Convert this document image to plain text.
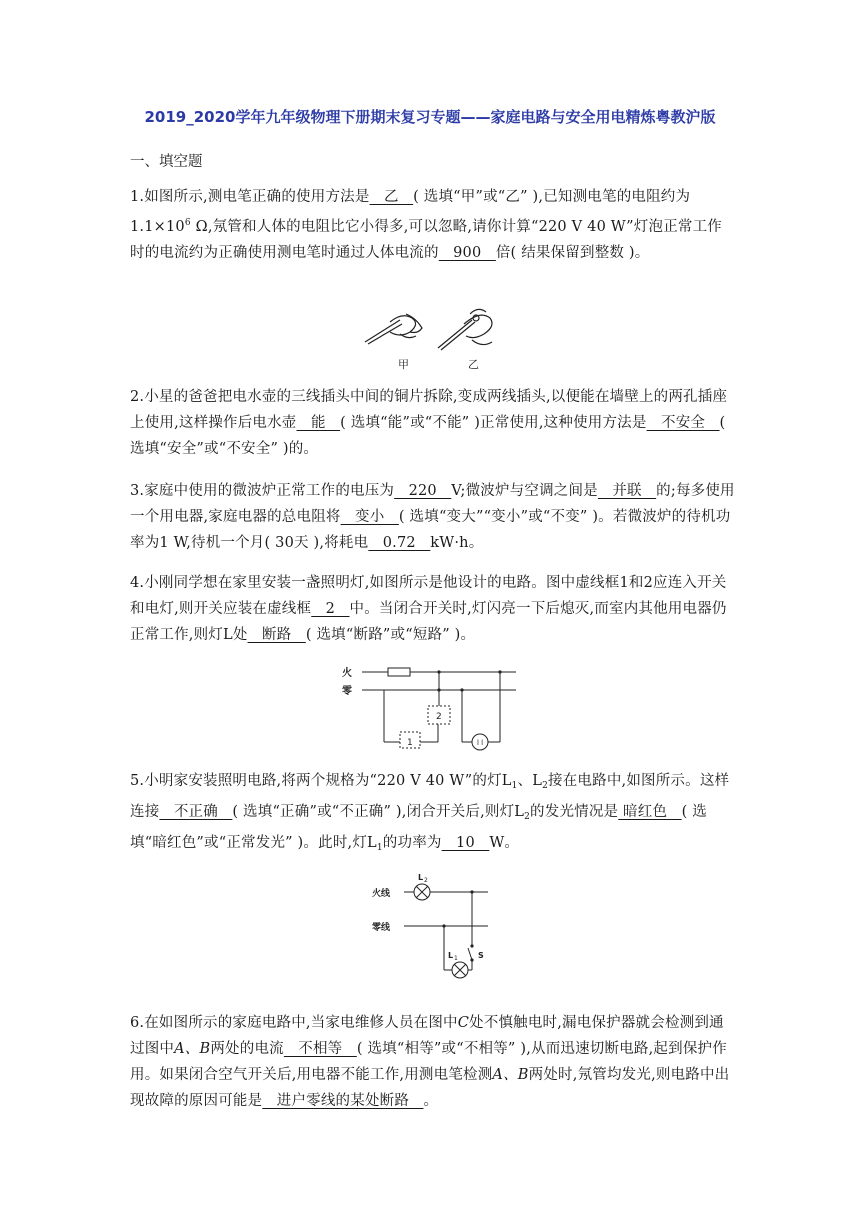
2019_2020学年九年级物理下册期末复习专题——家庭电路与安全用电精炼粤教沪版
一、填空题
1.如图所示,测电笔正确的使用方法是   乙   ( 选填“甲”或“乙” ),已知测电笔的电阻约为$1.1\times 10^6$ Ω,氖管和人体的电阻比它小得多,可以忽略,请你计算“220 V 40 W”灯泡正常工作时的电流约为正确使用测电笔时通过人体电流的   900   倍( 结果保留到整数 )。
甲	乙
2.小星的爸爸把电水壶的三线插头中间的铜片拆除,变成两线插头,以便能在墙壁上的两孔插座上使用,这样操作后电水壶   能   ( 选填“能”或“不能” )正常使用,这种使用方法是   不安全   ( 选填“安全”或“不安全” )的。
3.家庭中使用的微波炉正常工作的电压为   220   V;微波炉与空调之间是   并联   的;每多使用一个用电器,家庭电器的总电阻将   变小   ( 选填“变大”“变小”或“不变” )。若微波炉的待机功率为1 W,待机一个月( 30天 ),将耗电   0.72   kW·h。
4.小刚同学想在家里安装一盏照明灯,如图所示是他设计的电路。图中虚线框1和2应连入开关和电灯,则开关应装在虚线框   2   中。当闭合开关时,灯闪亮一下后熄灭,而室内其他用电器仍正常工作,则灯L处   断路   ( 选填“断路”或“短路” )。
l l
火
零
1
2
5.小明家安装照明电路,将两个规格为“220 V 40 W”的灯$L_1$、$L_2$接在电路中,如图所示。这样连接   不正确   ( 选填“正确”或“不正确” ),闭合开关后,则灯$L_2$的发光情况是 暗红色   ( 选填“暗红色”或“正常发光” )。此时,灯$L_1$的功率为   10   W。
火线
零线
L 2
L 1	S
6.在如图所示的家庭电路中,当家电维修人员在图中C处不慎触电时,漏电保护器就会检测到通过图中A、B两处的电流   不相等   ( 选填“相等”或“不相等” ),从而迅速切断电路,起到保护作用。如果闭合空气开关后,用电器不能工作,用测电笔检测A、B两处时,氖管均发光,则电路中出现故障的原因可能是   进户零线的某处断路   。
